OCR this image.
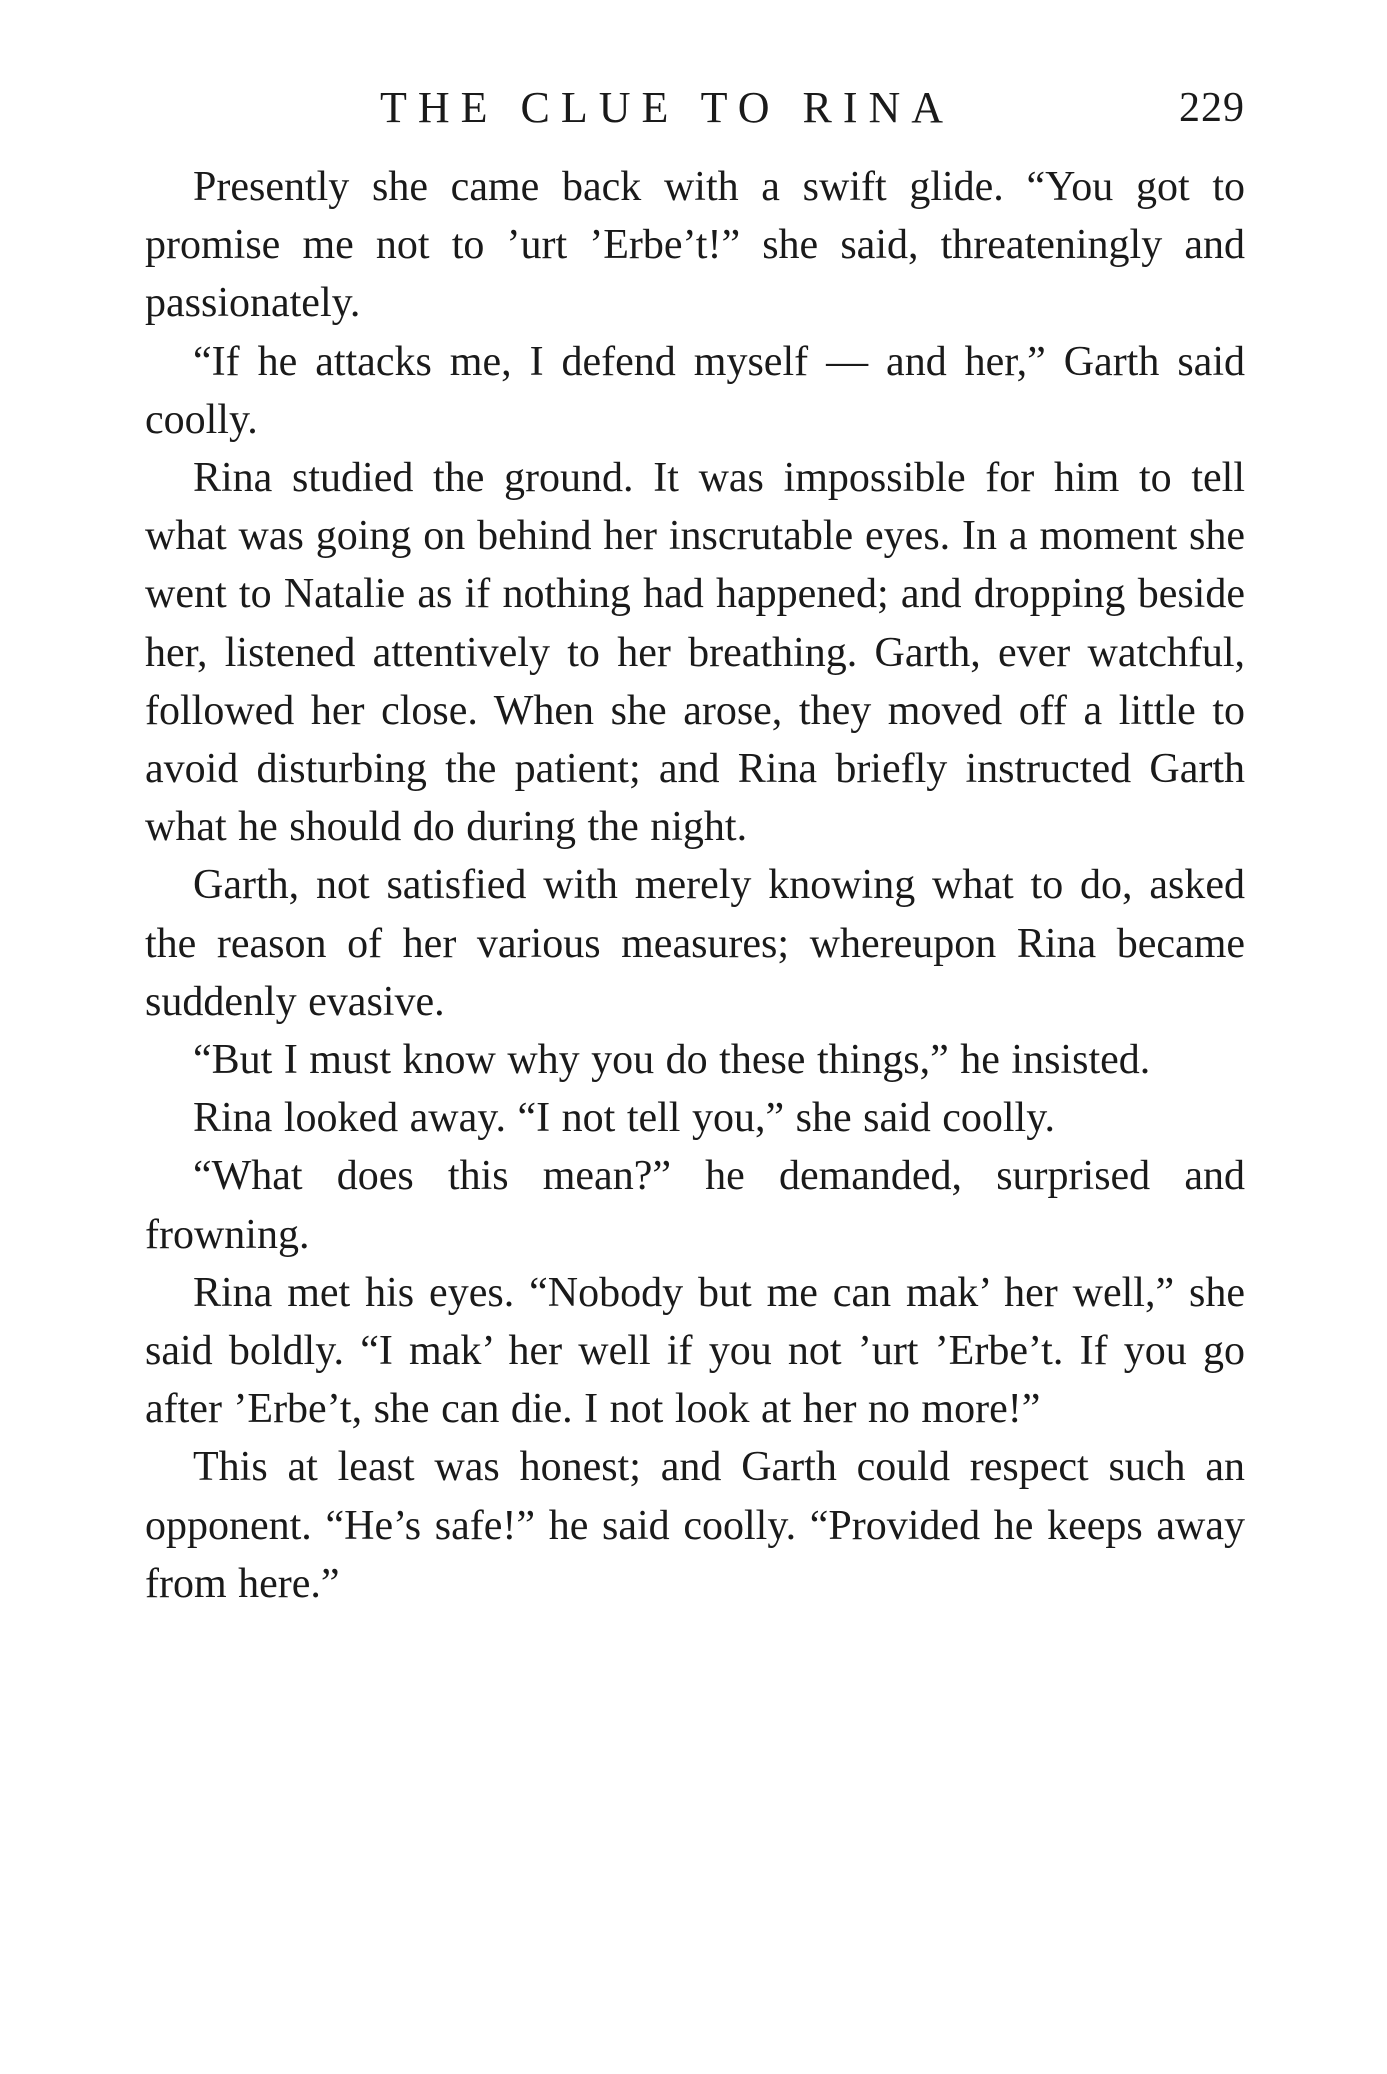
THE CLUE TO RINA	229

Presently she came back with a swift glide. “You got to promise me not to ’urt ’Erbe’t!” she said, threateningly and passionately.

“If he attacks me, I defend myself — and her,” Garth said coolly.

Rina studied the ground. It was impossible for him to tell what was going on behind her inscrutable eyes. In a moment she went to Natalie as if nothing had happened; and dropping beside her, listened attentively to her breathing. Garth, ever watchful, followed her close. When she arose, they moved off a little to avoid disturbing the patient; and Rina briefly instructed Garth what he should do during the night.

Garth, not satisfied with merely knowing what to do, asked the reason of her various measures; whereupon Rina became suddenly evasive.

“But I must know why you do these things,” he insisted.

Rina looked away. “I not tell you,” she said coolly.

“What does this mean?” he demanded, surprised and frowning.

Rina met his eyes. “Nobody but me can mak’ her well,” she said boldly. “I mak’ her well if you not ’urt ’Erbe’t. If you go after ’Erbe’t, she can die. I not look at her no more!”

This at least was honest; and Garth could respect such an opponent. “He’s safe!” he said coolly. “Provided he keeps away from here.”
